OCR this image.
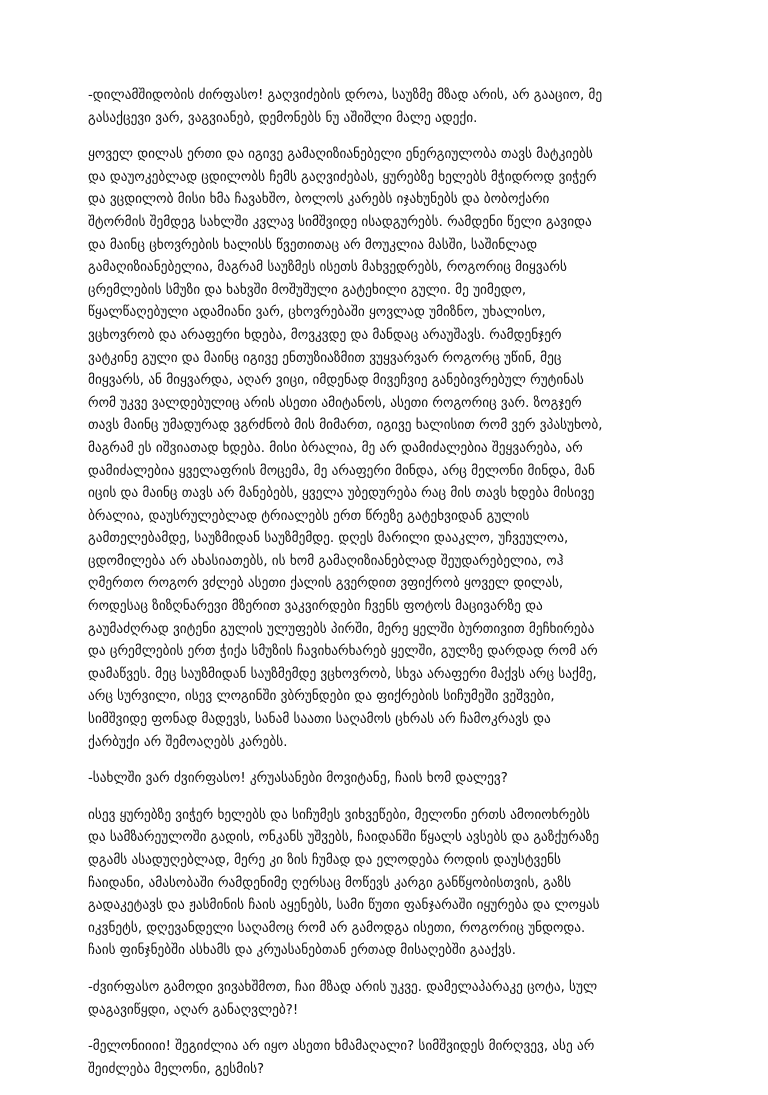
-დილამშიდობის ძირფასო! გაღვიძების დროა, საუზმე მზად არის, არ გააციო, მე
გასაქცევი ვარ, ვაგვიანებ, დემონებს ნუ აშიშლი მალე ადექი.

ყოველ დილას ერთი და იგივე გამაღიზიანებელი ენერგიულობა თავს მატკიებს
და დაუოკებლად ცდილობს ჩემს გაღვიძებას, ყურებზე ხელებს მჭიდროდ ვიჭერ
და ვცდილობ მისი ხმა ჩავახშო, ბოლოს კარებს იჯახუნებს და ბობოქარი
შტორმის შემდეგ სახლში კვლავ სიმშვიდე ისადგურებს. რამდენი წელი გავიდა
და მაინც ცხოვრების ხალისს წვეთითაც არ მოუკლია მასში, საშინლად
გამაღიზიანებელია, მაგრამ საუზმეს ისეთს მახვედრებს, როგორიც მიყვარს
ცრემლების სმუზი და ხახვში მოშუშული გატეხილი გული. მე უიმედო,
წყალწაღებული ადამიანი ვარ, ცხოვრებაში ყოვლად უმიზნო, უხალისო,
ვცხოვრობ და არაფერი ხდება, მოვკვდე და მანდაც არაუშავს. რამდენჯერ
ვატკინე გული და მაინც იგივე ენთუზიაზმით ვუყვარვარ როგორც უწინ, მეც
მიყვარს, ან მიყვარდა, აღარ ვიცი, იმდენად მივეჩვიე განებივრებულ რუტინას
რომ უკვე ვალდებულიც არის ასეთი ამიტანოს, ასეთი როგორიც ვარ. ზოგჯერ
თავს მაინც უმადურად ვგრძნობ მის მიმართ, იგივე ხალისით რომ ვერ ვპასუხობ,
მაგრამ ეს იშვიათად ხდება. მისი ბრალია, მე არ დამიძალებია შეყვარება, არ
დამიძალებია ყველაფრის მოცემა, მე არაფერი მინდა, არც მელონი მინდა, მან
იცის და მაინც თავს არ მანებებს, ყველა უბედურება რაც მის თავს ხდება მისივე
ბრალია, დაუსრულებლად ტრიალებს ერთ წრეზე გატეხვიდან გულის
გამთელებამდე, საუზმიდან საუზმემდე. დღეს მარილი დააკლო, უჩვეულოა,
ცდომილება არ ახასიათებს, ის ხომ გამაღიზიანებლად შეუდარებელია, ოჰ
ღმერთო როგორ ვძლებ ასეთი ქალის გვერდით ვფიქრობ ყოველ დილას,
როდესაც ზიზღნარევი მზერით ვაკვირდები ჩვენს ფოტოს მაცივარზე და
გაუმაძღრად ვიტენი გულის ულუფებს პირში, მერე ყელში ბურთივით მეჩხირება
და ცრემლების ერთ ჭიქა სმუზის ჩავიხარხარებ ყელში, გულზე დარდად რომ არ
დამაწვეს. მეც საუზმიდან საუზმემდე ვცხოვრობ, სხვა არაფერი მაქვს არც საქმე,
არც სურვილი, ისევ ლოგინში ვბრუნდები და ფიქრების სიჩუმეში ვეშვები,
სიმშვიდე ფონად მადევს, სანამ საათი საღამოს ცხრას არ ჩამოკრავს და
ქარბუქი არ შემოაღებს კარებს.

-სახლში ვარ ძვირფასო! კრუასანები მოვიტანე, ჩაის ხომ დალევ?

ისევ ყურებზე ვიჭერ ხელებს და სიჩუმეს ვიხვეწები, მელონი ერთს ამოიოხრებს
და სამზარეულოში გადის, ონკანს უშვებს, ჩაიდანში წყალს ავსებს და გაზქურაზე
დგამს ასადუღებლად, მერე კი ზის ჩუმად და ელოდება როდის დაუსტვენს
ჩაიდანი, ამასობაში რამდენიმე ღერსაც მოწევს კარგი განწყობისთვის, გაზს
გადაკეტავს და ჟასმინის ჩაის აყენებს, სამი წუთი ფანჯარაში იყურება და ლოყას
იკვნეტს, დღევანდელი საღამოც რომ არ გამოდგა ისეთი, როგორიც უნდოდა.
ჩაის ფინჯნებში ასხამს და კრუასანებთან ერთად მისაღებში გააქვს.

-ძვირფასო გამოდი ვივახშმოთ, ჩაი მზად არის უკვე. დამელაპარაკე ცოტა, სულ
დაგავიწყდი, აღარ განაღვლებ?!

-მელონიიიი! შეგიძლია არ იყო ასეთი ხმამაღალი? სიმშვიდეს მირღვევ, ასე არ
შეიძლება მელონი, გესმის?
